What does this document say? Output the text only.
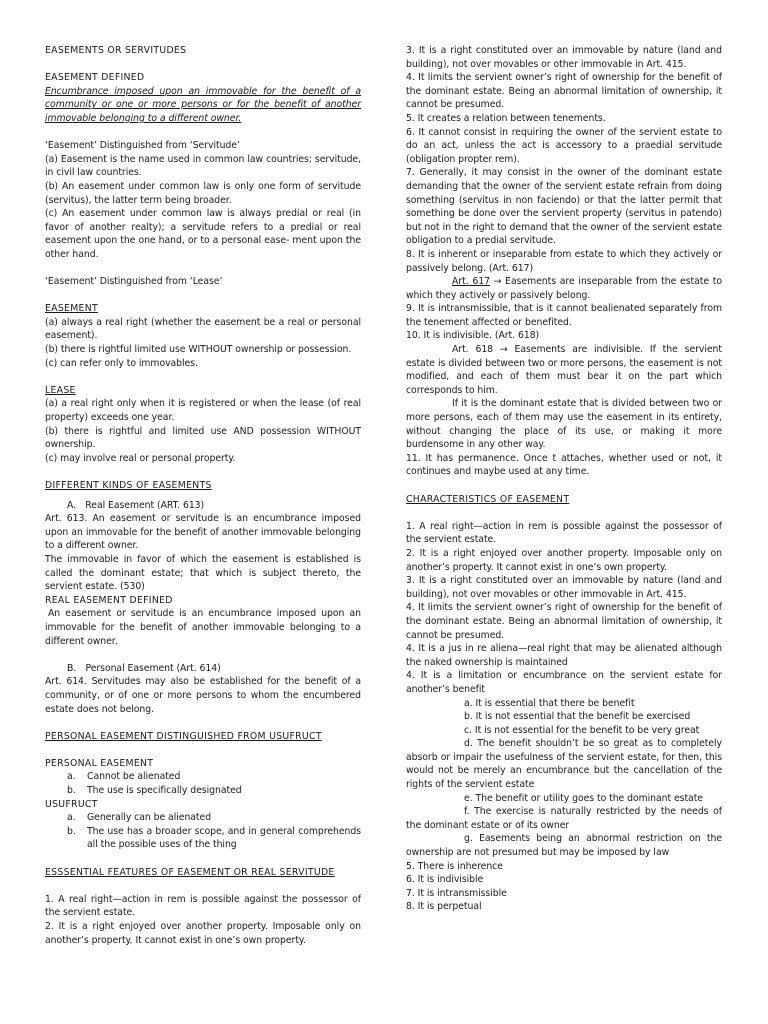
EASEMENTS OR SERVITUDES

EASEMENT DEFINED

Encumbrance imposed upon an immovable for the benefit of a community or one or more persons or for the benefit of another immovable belonging to a different owner.

‘Easement’ Distinguished from ‘Servitude’

(a) Easement is the name used in common law countries; servitude, in civil law countries.

(b) An easement under common law is only one form of servitude (servitus), the latter term being broader.

(c) An easement under common law is always predial or real (in favor of another realty); a servitude refers to a predial or real easement upon the one hand, or to a personal ease- ment upon the other hand.

‘Easement’ Distinguished from ‘Lease’

EASEMENT

(a) always a real right (whether the easement be a real or personal easement).

(b) there is rightful limited use WITHOUT ownership or possession.

(c) can refer only to immovables.

LEASE

(a) a real right only when it is registered or when the lease (of real property) exceeds one year.

(b) there is rightful and limited use AND possession WITHOUT ownership.

(c) may involve real or personal property.

DIFFERENT KINDS OF EASEMENTS

A. Real Easement (ART. 613)

Art. 613. An easement or servitude is an encumbrance imposed upon an immovable for the benefit of another immovable belonging to a different owner.

The immovable in favor of which the easement is established is called the dominant estate; that which is subject thereto, the servient estate. (530)

REAL EASEMENT DEFINED

An easement or servitude is an encumbrance imposed upon an immovable for the benefit of another immovable belonging to a different owner.

B. Personal Easement (Art. 614)

Art. 614. Servitudes may also be established for the benefit of a community, or of one or more persons to whom the encumbered estate does not belong.

PERSONAL EASEMENT DISTINGUISHED FROM USUFRUCT

PERSONAL EASEMENT

a.	Cannot be alienated
b.	The use is specifically designated

USUFRUCT

a.	Generally can be alienated
b.	The use has a broader scope, and in general comprehends all the possible uses of the thing

ESSSENTIAL FEATURES OF EASEMENT OR REAL SERVITUDE

1. A real right—action in rem is possible against the possessor of the servient estate.

2. It is a right enjoyed over another property. Imposable only on another’s property. It cannot exist in one’s own property.

3. It is a right constituted over an immovable by nature (land and building), not over movables or other immovable in Art. 415.

4. It limits the servient owner’s right of ownership for the benefit of the dominant estate. Being an abnormal limitation of ownership, it cannot be presumed.

5. It creates a relation between tenements.

6. It cannot consist in requiring the owner of the servient estate to do an act, unless the act is accessory to a praedial servitude (obligation propter rem).

7. Generally, it may consist in the owner of the dominant estate demanding that the owner of the servient estate refrain from doing something (servitus in non faciendo) or that the latter permit that something be done over the servient property (servitus in patendo) but not in the right to demand that the owner of the servient estate obligation to a predial servitude.

8. It is inherent or inseparable from estate to which they actively or passively belong. (Art. 617)

Art. 617 → Easements are inseparable from the estate to which they actively or passively belong.

9. It is intransmissible, that is it cannot bealienated separately from the tenement affected or benefited.

10. It is indivisible. (Art. 618)

Art. 618 → Easements are indivisible. If the servient estate is divided between two or more persons, the easement is not modified, and each of them must bear it on the part which corresponds to him.

If it is the dominant estate that is divided between two or more persons, each of them may use the easement in its entirety, without changing the place of its use, or making it more burdensome in any other way.

11. It has permanence. Once t attaches, whether used or not, it continues and maybe used at any time.

CHARACTERISTICS OF EASEMENT

1. A real right—action in rem is possible against the possessor of the servient estate.

2. It is a right enjoyed over another property. Imposable only on another’s property. It cannot exist in one’s own property.

3. It is a right constituted over an immovable by nature (land and building), not over movables or other immovable in Art. 415.

4. It limits the servient owner’s right of ownership for the benefit of the dominant estate. Being an abnormal limitation of ownership, it cannot be presumed.

4. It is a jus in re aliena—real right that may be alienated although the naked ownership is maintained

4. It is a limitation or encumbrance on the servient estate for another’s benefit

a. It is essential that there be benefit

b. It is not essential that the benefit be exercised

c. It is not essential for the benefit to be very great

d. The benefit shouldn’t be so great as to completely absorb or impair the usefulness of the servient estate, for then, this would not be merely an encumbrance but the cancellation of the rights of the servient estate

e. The benefit or utility goes to the dominant estate

f. The exercise is naturally restricted by the needs of the dominant estate or of its owner

g. Easements being an abnormal restriction on the ownership are not presumed but may be imposed by law

5. There is inherence

6. It is indivisible

7. It is intransmissible

8. It is perpetual
